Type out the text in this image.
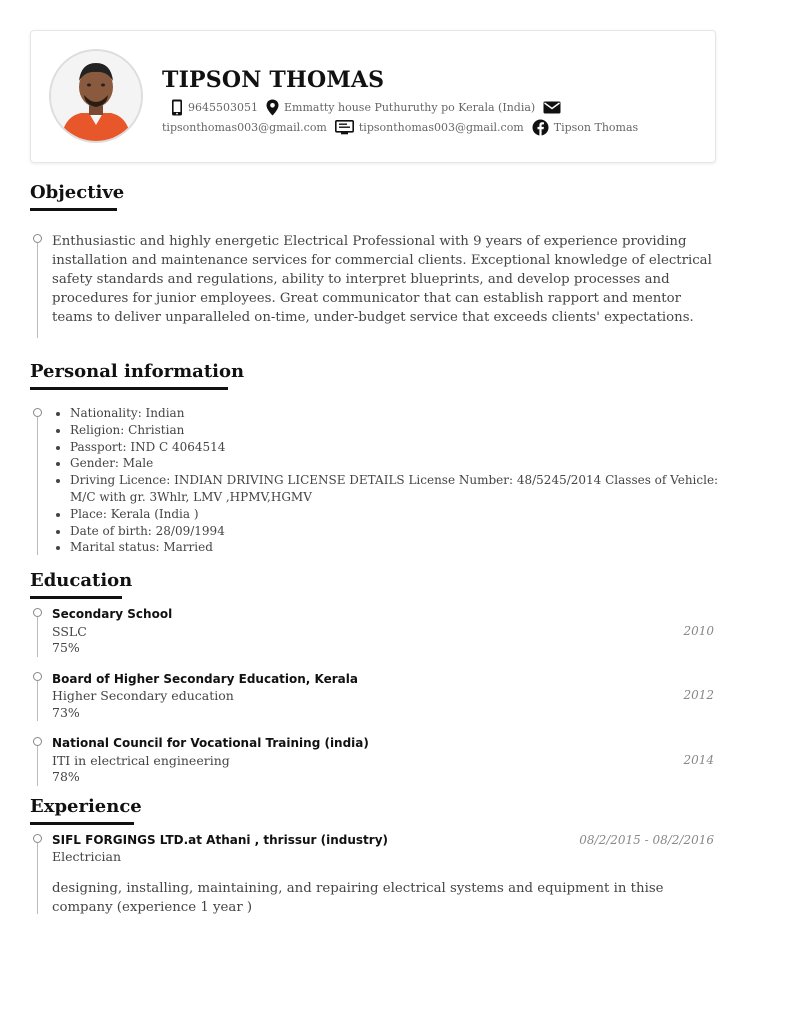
TIPSON THOMAS
9645503051 Emmatty house Puthuruthy po Kerala (India)
tipsonthomas003@gmail.com	tipsonthomas003@gmail.com	Tipson Thomas
Objective

Enthusiastic and highly energetic Electrical Professional with 9 years of experience providing installation and maintenance services for commercial clients. Exceptional knowledge of electrical safety standards and regulations, ability to interpret blueprints, and develop processes and procedures for junior employees. Great communicator that can establish rapport and mentor teams to deliver unparalleled on-time, under-budget service that exceeds clients' expectations.

Personal information
• Nationality: Indian
• Religion: Christian
• Passport: IND C 4064514
• Gender: Male
• Driving Licence: INDIAN DRIVING LICENSE DETAILS License Number: 48/5245/2014 Classes of Vehicle: M/C with gr. 3Whlr, LMV ,HPMV,HGMV
• Place: Kerala (India )
• Date of birth: 28/09/1994
• Marital status: Married
Education
Secondary School
SSLC
75%
2010
Board of Higher Secondary Education, Kerala
Higher Secondary education
73%
2012
National Council for Vocational Training (india)
ITI in electrical engineering
78%
2014
Experience
SIFL FORGINGS LTD.at Athani , thrissur (industry)
Electrician
08/2/2015 - 08/2/2016

designing, installing, maintaining, and repairing electrical systems and equipment in thise company (experience 1 year )
